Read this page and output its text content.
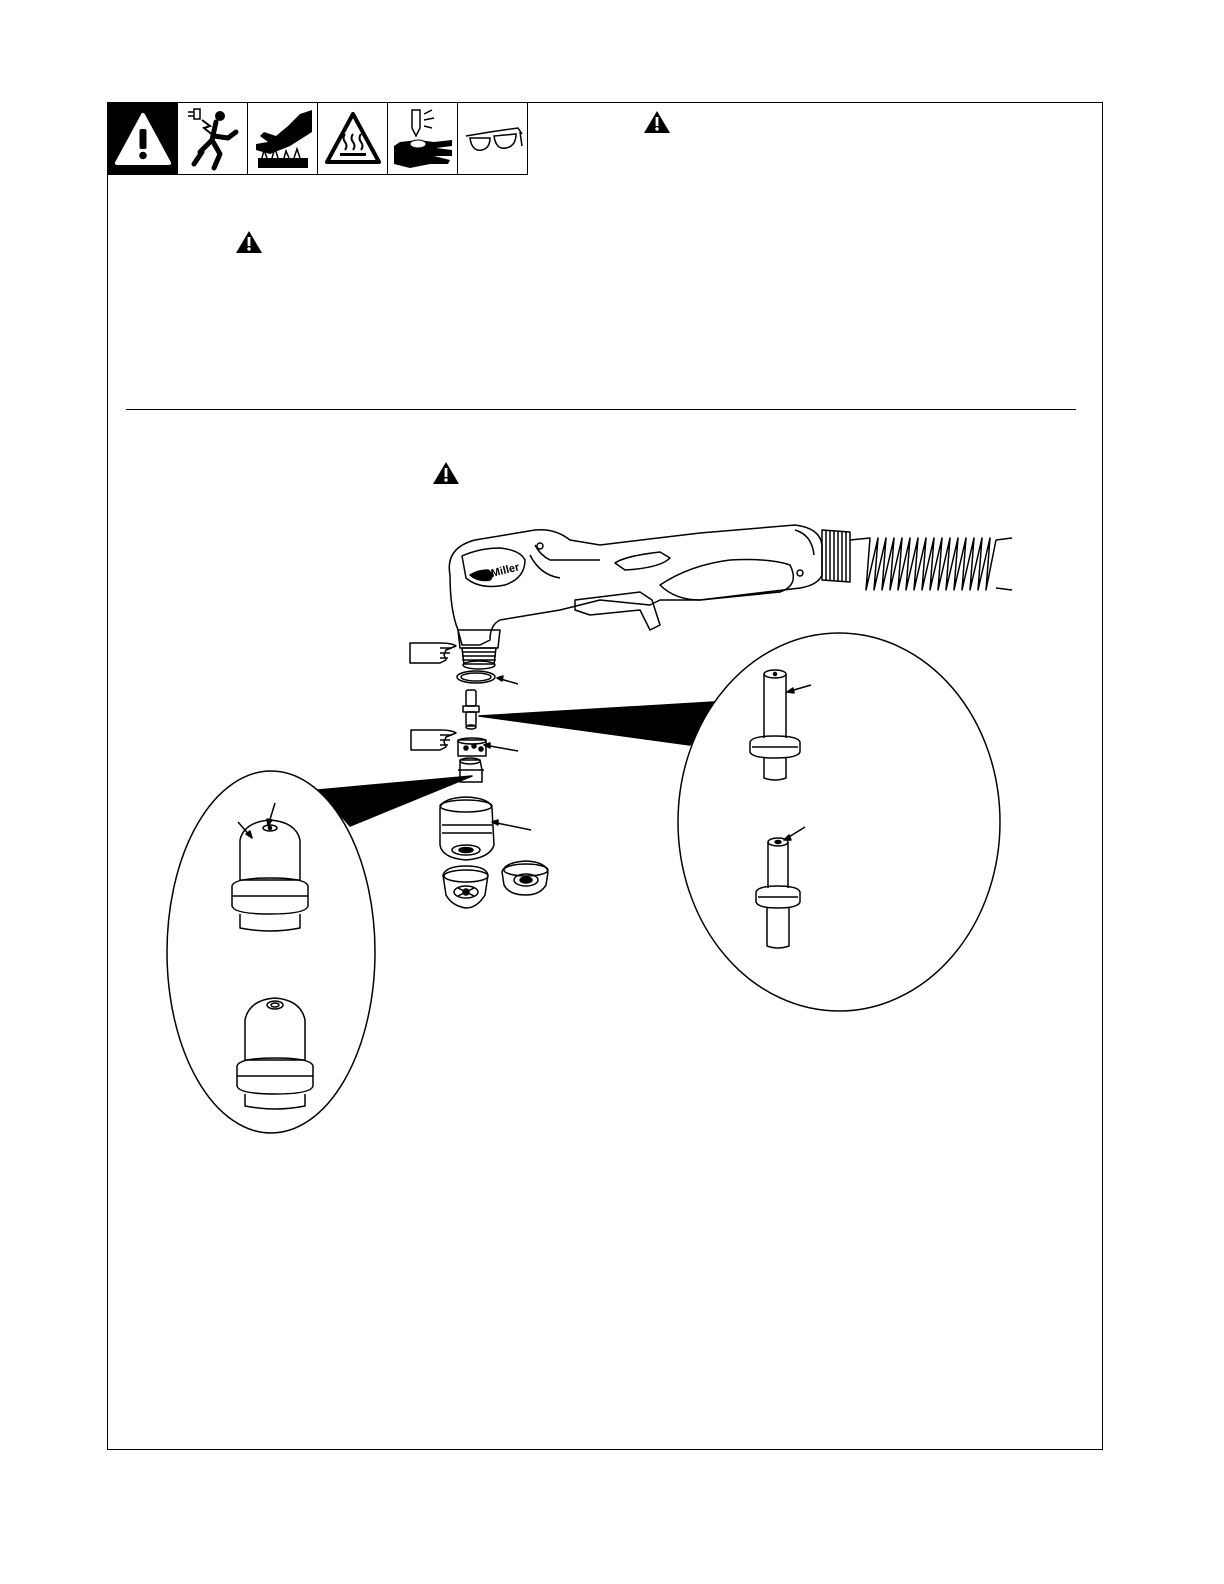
Miller
